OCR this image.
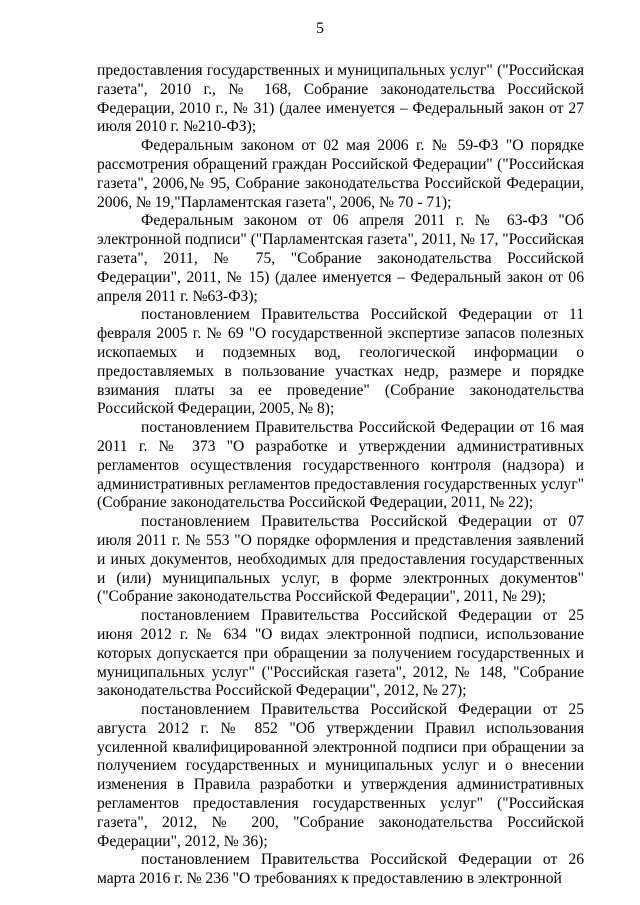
5

предоставления государственных и муниципальных услуг" ("Российская газета", 2010 г., № 168, Собрание законодательства Российской Федерации, 2010 г., № 31) (далее именуется – Федеральный закон от 27 июля 2010 г. №210-ФЗ);

Федеральным законом от 02 мая 2006 г. № 59-ФЗ "О порядке рассмотрения обращений граждан Российской Федерации" ("Российская газета", 2006,№ 95, Собрание законодательства Российской Федерации, 2006, № 19,"Парламентская газета", 2006, № 70 - 71);

Федеральным законом от 06 апреля 2011 г. № 63-ФЗ "Об электронной подписи" ("Парламентская газета", 2011, № 17, "Российская газета", 2011, № 75, "Собрание законодательства Российской Федерации", 2011, № 15) (далее именуется – Федеральный закон от 06 апреля 2011 г. №63-ФЗ);

постановлением Правительства Российской Федерации от 11 февраля 2005 г. № 69 "О государственной экспертизе запасов полезных ископаемых и подземных вод, геологической информации о предоставляемых в пользование участках недр, размере и порядке взимания платы за ее проведение" (Собрание законодательства Российской Федерации, 2005, № 8);

постановлением Правительства Российской Федерации от 16 мая 2011 г. № 373 "О разработке и утверждении административных регламентов осуществления государственного контроля (надзора) и административных регламентов предоставления государственных услуг" (Собрание законодательства Российской Федерации, 2011, № 22);

постановлением Правительства Российской Федерации от 07 июля 2011 г. № 553 "О порядке оформления и представления заявлений и иных документов, необходимых для предоставления государственных и (или) муниципальных услуг, в форме электронных документов" ("Собрание законодательства Российской Федерации", 2011, № 29);

постановлением Правительства Российской Федерации от 25 июня 2012 г. № 634 "О видах электронной подписи, использование которых допускается при обращении за получением государственных и муниципальных услуг" ("Российская газета", 2012, № 148, "Собрание законодательства Российской Федерации", 2012, № 27);

постановлением Правительства Российской Федерации от 25 августа 2012 г. № 852 "Об утверждении Правил использования усиленной квалифицированной электронной подписи при обращении за получением государственных и муниципальных услуг и о внесении изменения в Правила разработки и утверждения административных регламентов предоставления государственных услуг" ("Российская газета", 2012, № 200, "Собрание законодательства Российской Федерации", 2012, № 36);

постановлением Правительства Российской Федерации от 26 марта 2016 г. № 236 "О требованиях к предоставлению в электронной
